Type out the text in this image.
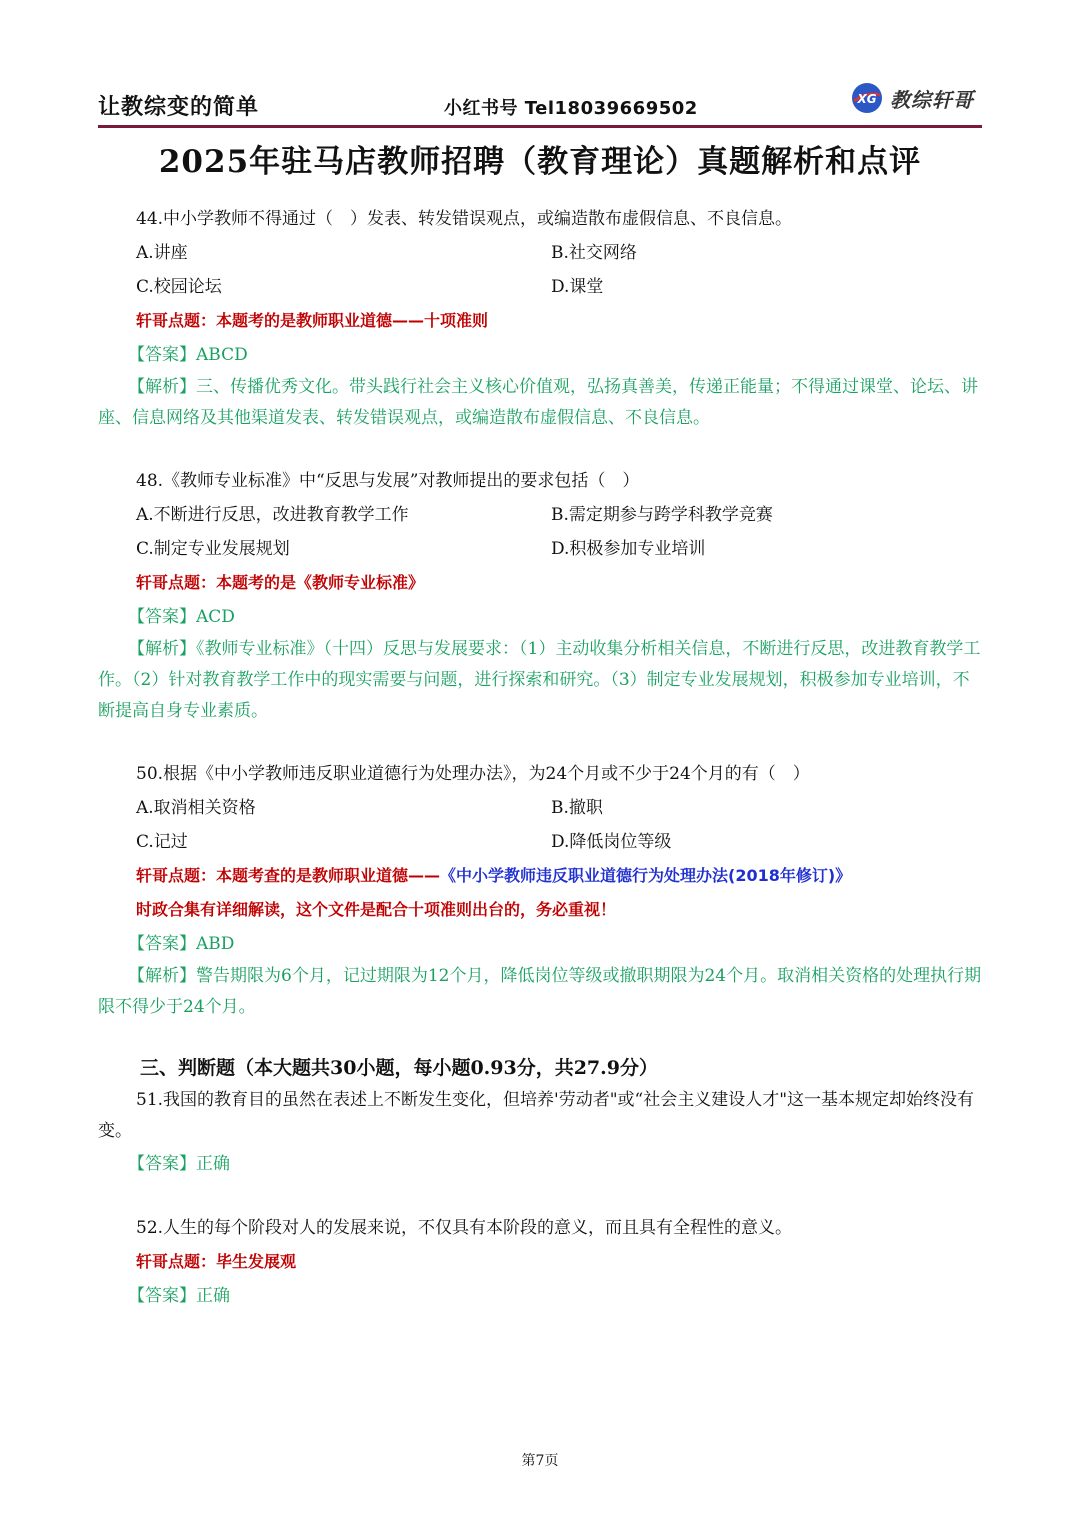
让教综变的简单	小红书号 Tel18039669502	XG 教综轩哥
2025年驻马店教师招聘（教育理论）真题解析和点评
44.中小学教师不得通过（　）发表、转发错误观点，或编造散布虚假信息、不良信息。
A.讲座	B.社交网络
C.校园论坛	D.课堂
轩哥点题：本题考的是教师职业道德——十项准则
【答案】ABCD
【解析】三、传播优秀文化。带头践行社会主义核心价值观，弘扬真善美，传递正能量；不得通过课堂、论坛、讲座、信息网络及其他渠道发表、转发错误观点，或编造散布虚假信息、不良信息。
48.《教师专业标准》中“反思与发展”对教师提出的要求包括（　）
A.不断进行反思，改进教育教学工作	B.需定期参与跨学科教学竞赛
C.制定专业发展规划	D.积极参加专业培训
轩哥点题：本题考的是《教师专业标准》
【答案】ACD
【解析】《教师专业标准》（十四）反思与发展要求：（1）主动收集分析相关信息，不断进行反思，改进教育教学工作。（2）针对教育教学工作中的现实需要与问题，进行探索和研究。（3）制定专业发展规划，积极参加专业培训，不断提高自身专业素质。
50.根据《中小学教师违反职业道德行为处理办法》，为24个月或不少于24个月的有（　）
A.取消相关资格	B.撤职
C.记过	D.降低岗位等级
轩哥点题：本题考查的是教师职业道德——《中小学教师违反职业道德行为处理办法(2018年修订)》
时政合集有详细解读，这个文件是配合十项准则出台的，务必重视！
【答案】ABD
【解析】警告期限为6个月，记过期限为12个月，降低岗位等级或撤职期限为24个月。取消相关资格的处理执行期限不得少于24个月。
三、判断题（本大题共30小题，每小题0.93分，共27.9分）
51.我国的教育目的虽然在表述上不断发生变化，但培养'劳动者"或“社会主义建设人才"这一基本规定却始终没有变。
【答案】正确
52.人生的每个阶段对人的发展来说，不仅具有本阶段的意义，而且具有全程性的意义。
轩哥点题：毕生发展观
【答案】正确
第7页
